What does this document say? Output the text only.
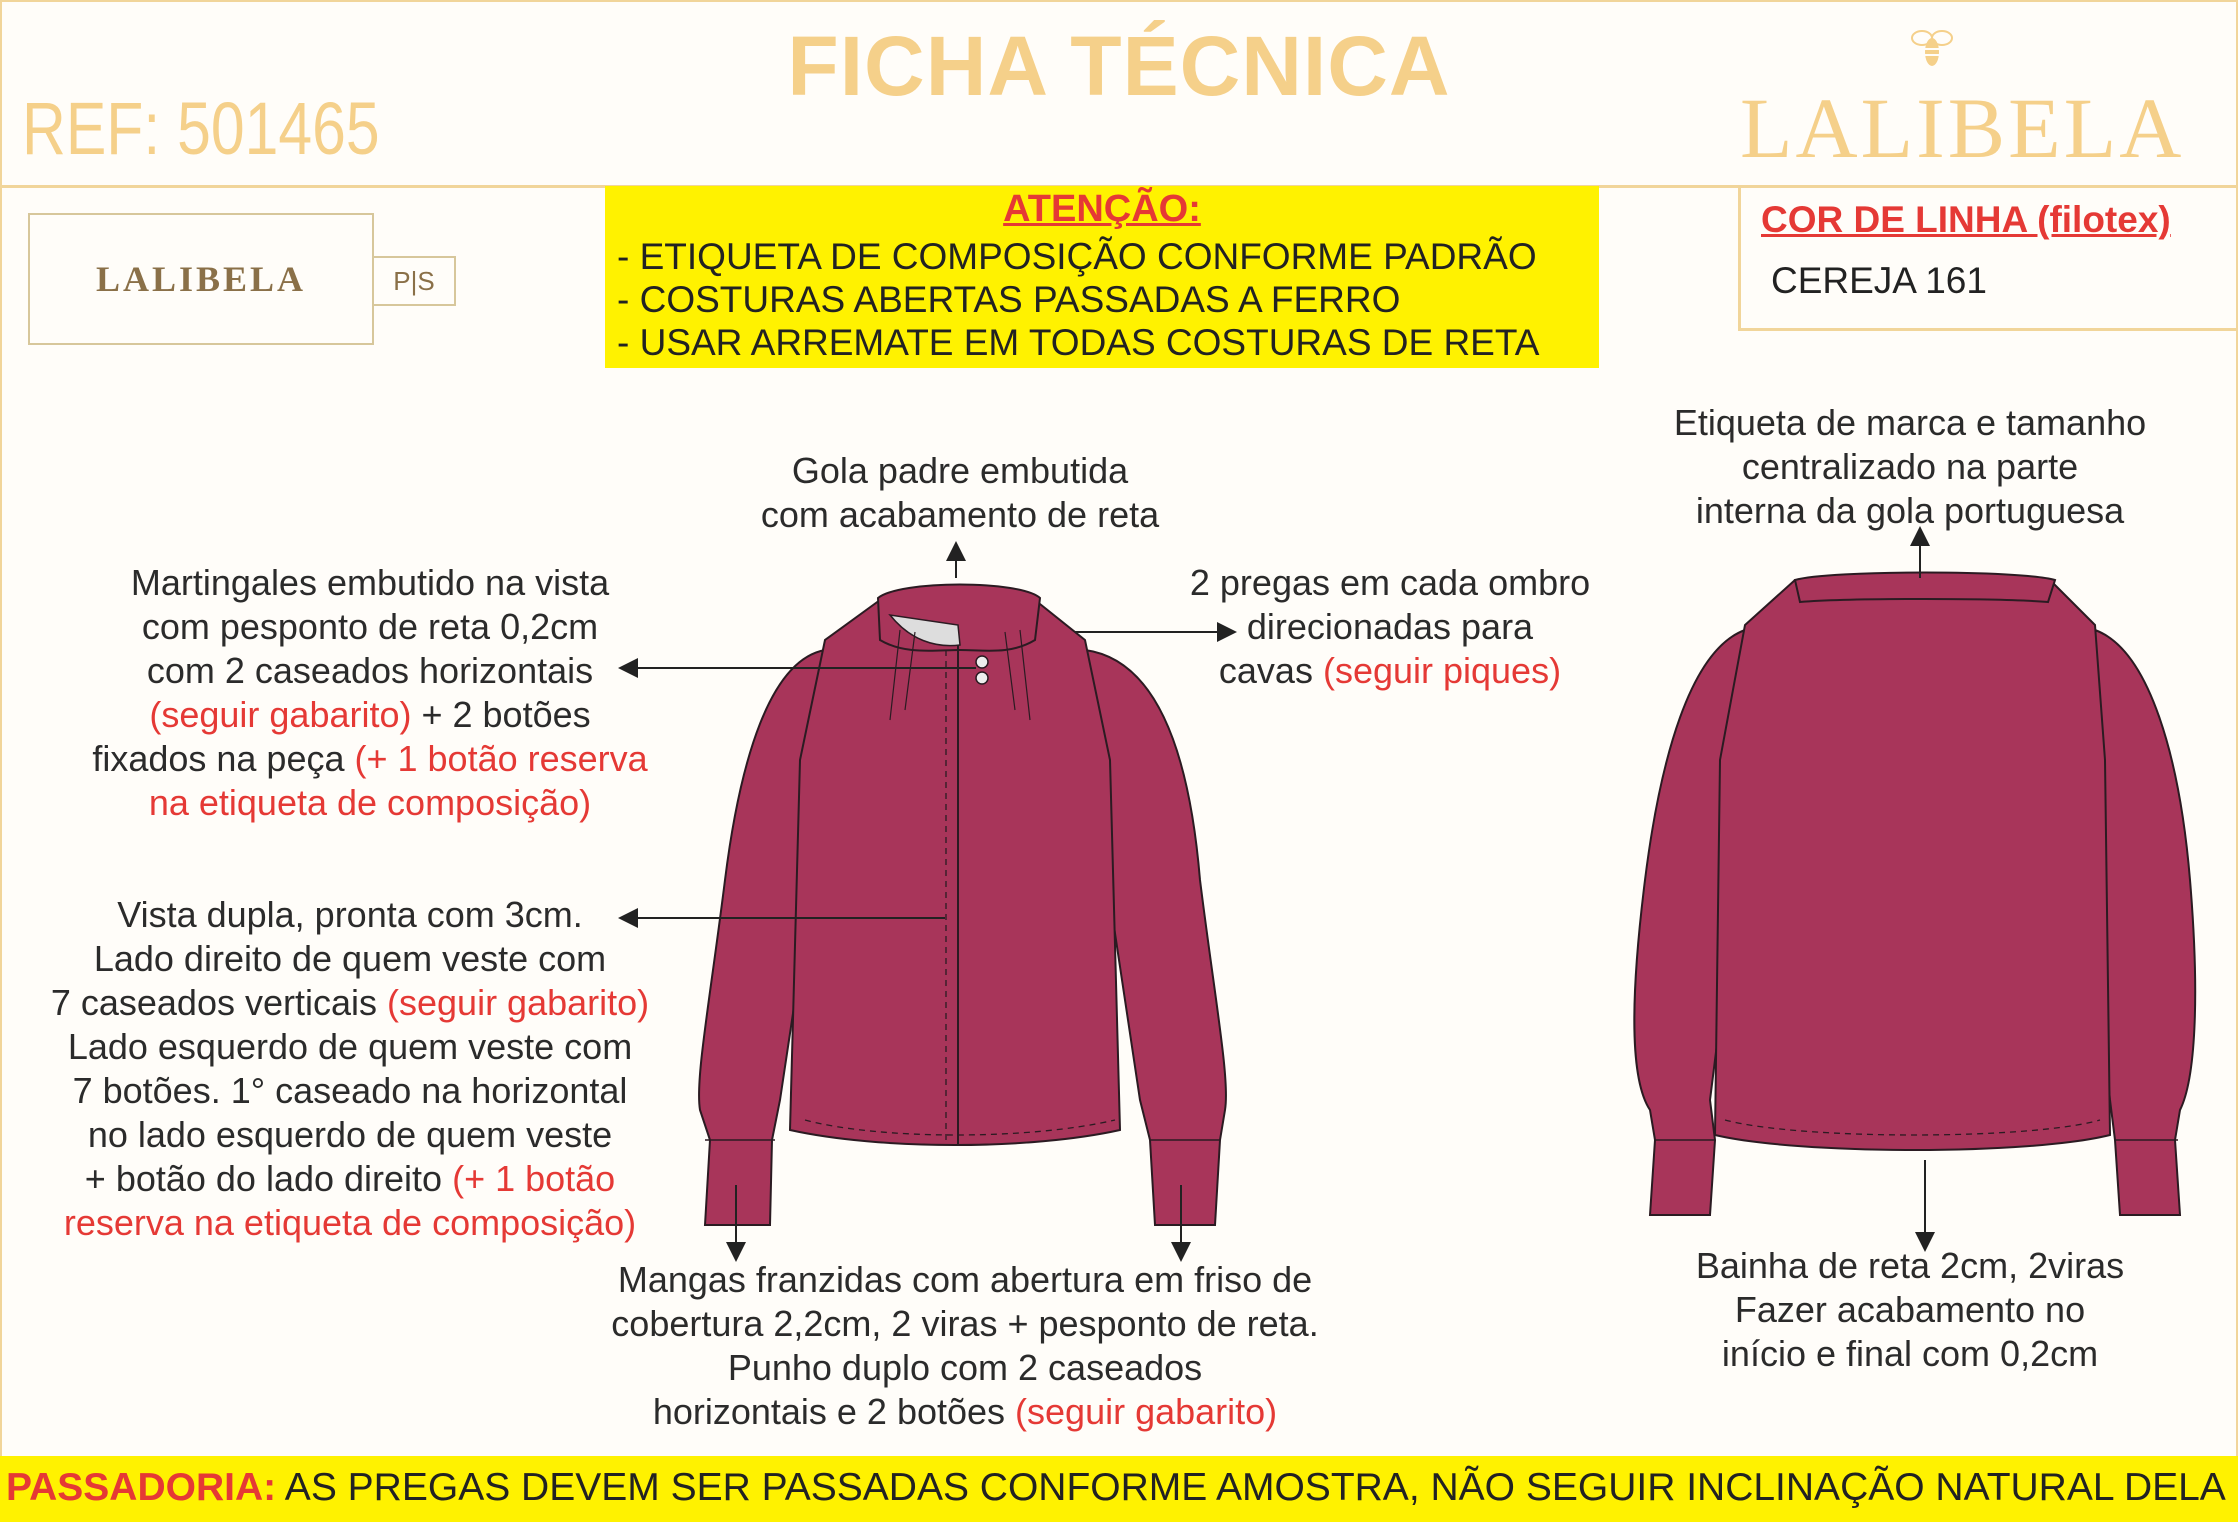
FICHA TÉCNICA
REF: 501465	LALIBELA
LALIBELA	P|S
ATENÇÃO:
- ETIQUETA DE COMPOSIÇÃO CONFORME PADRÃO
- COSTURAS ABERTAS PASSADAS A FERRO
- USAR ARREMATE EM TODAS COSTURAS DE RETA
COR DE LINHA (filotex)
CEREJA 161
Gola padre embutida
com acabamento de reta
Martingales embutido na vista
com pesponto de reta 0,2cm
com 2 caseados horizontais
(seguir gabarito) + 2 botões
fixados na peça (+ 1 botão reserva
na etiqueta de composição)
2 pregas em cada ombro
direcionadas para
cavas (seguir piques)
Etiqueta de marca e tamanho
centralizado na parte
interna da gola portuguesa
Vista dupla, pronta com 3cm.
Lado direito de quem veste com
7 caseados verticais (seguir gabarito)
Lado esquerdo de quem veste com
7 botões. 1° caseado na horizontal
no lado esquerdo de quem veste
+ botão do lado direito (+ 1 botão
reserva na etiqueta de composição)
Mangas franzidas com abertura em friso de
cobertura 2,2cm, 2 viras + pesponto de reta.
Punho duplo com 2 caseados
horizontais e 2 botões (seguir gabarito)
Bainha de reta 2cm, 2viras
Fazer acabamento no
início e final com 0,2cm
PASSADORIA: AS PREGAS DEVEM SER PASSADAS CONFORME AMOSTRA, NÃO SEGUIR INCLINAÇÃO NATURAL DELA
